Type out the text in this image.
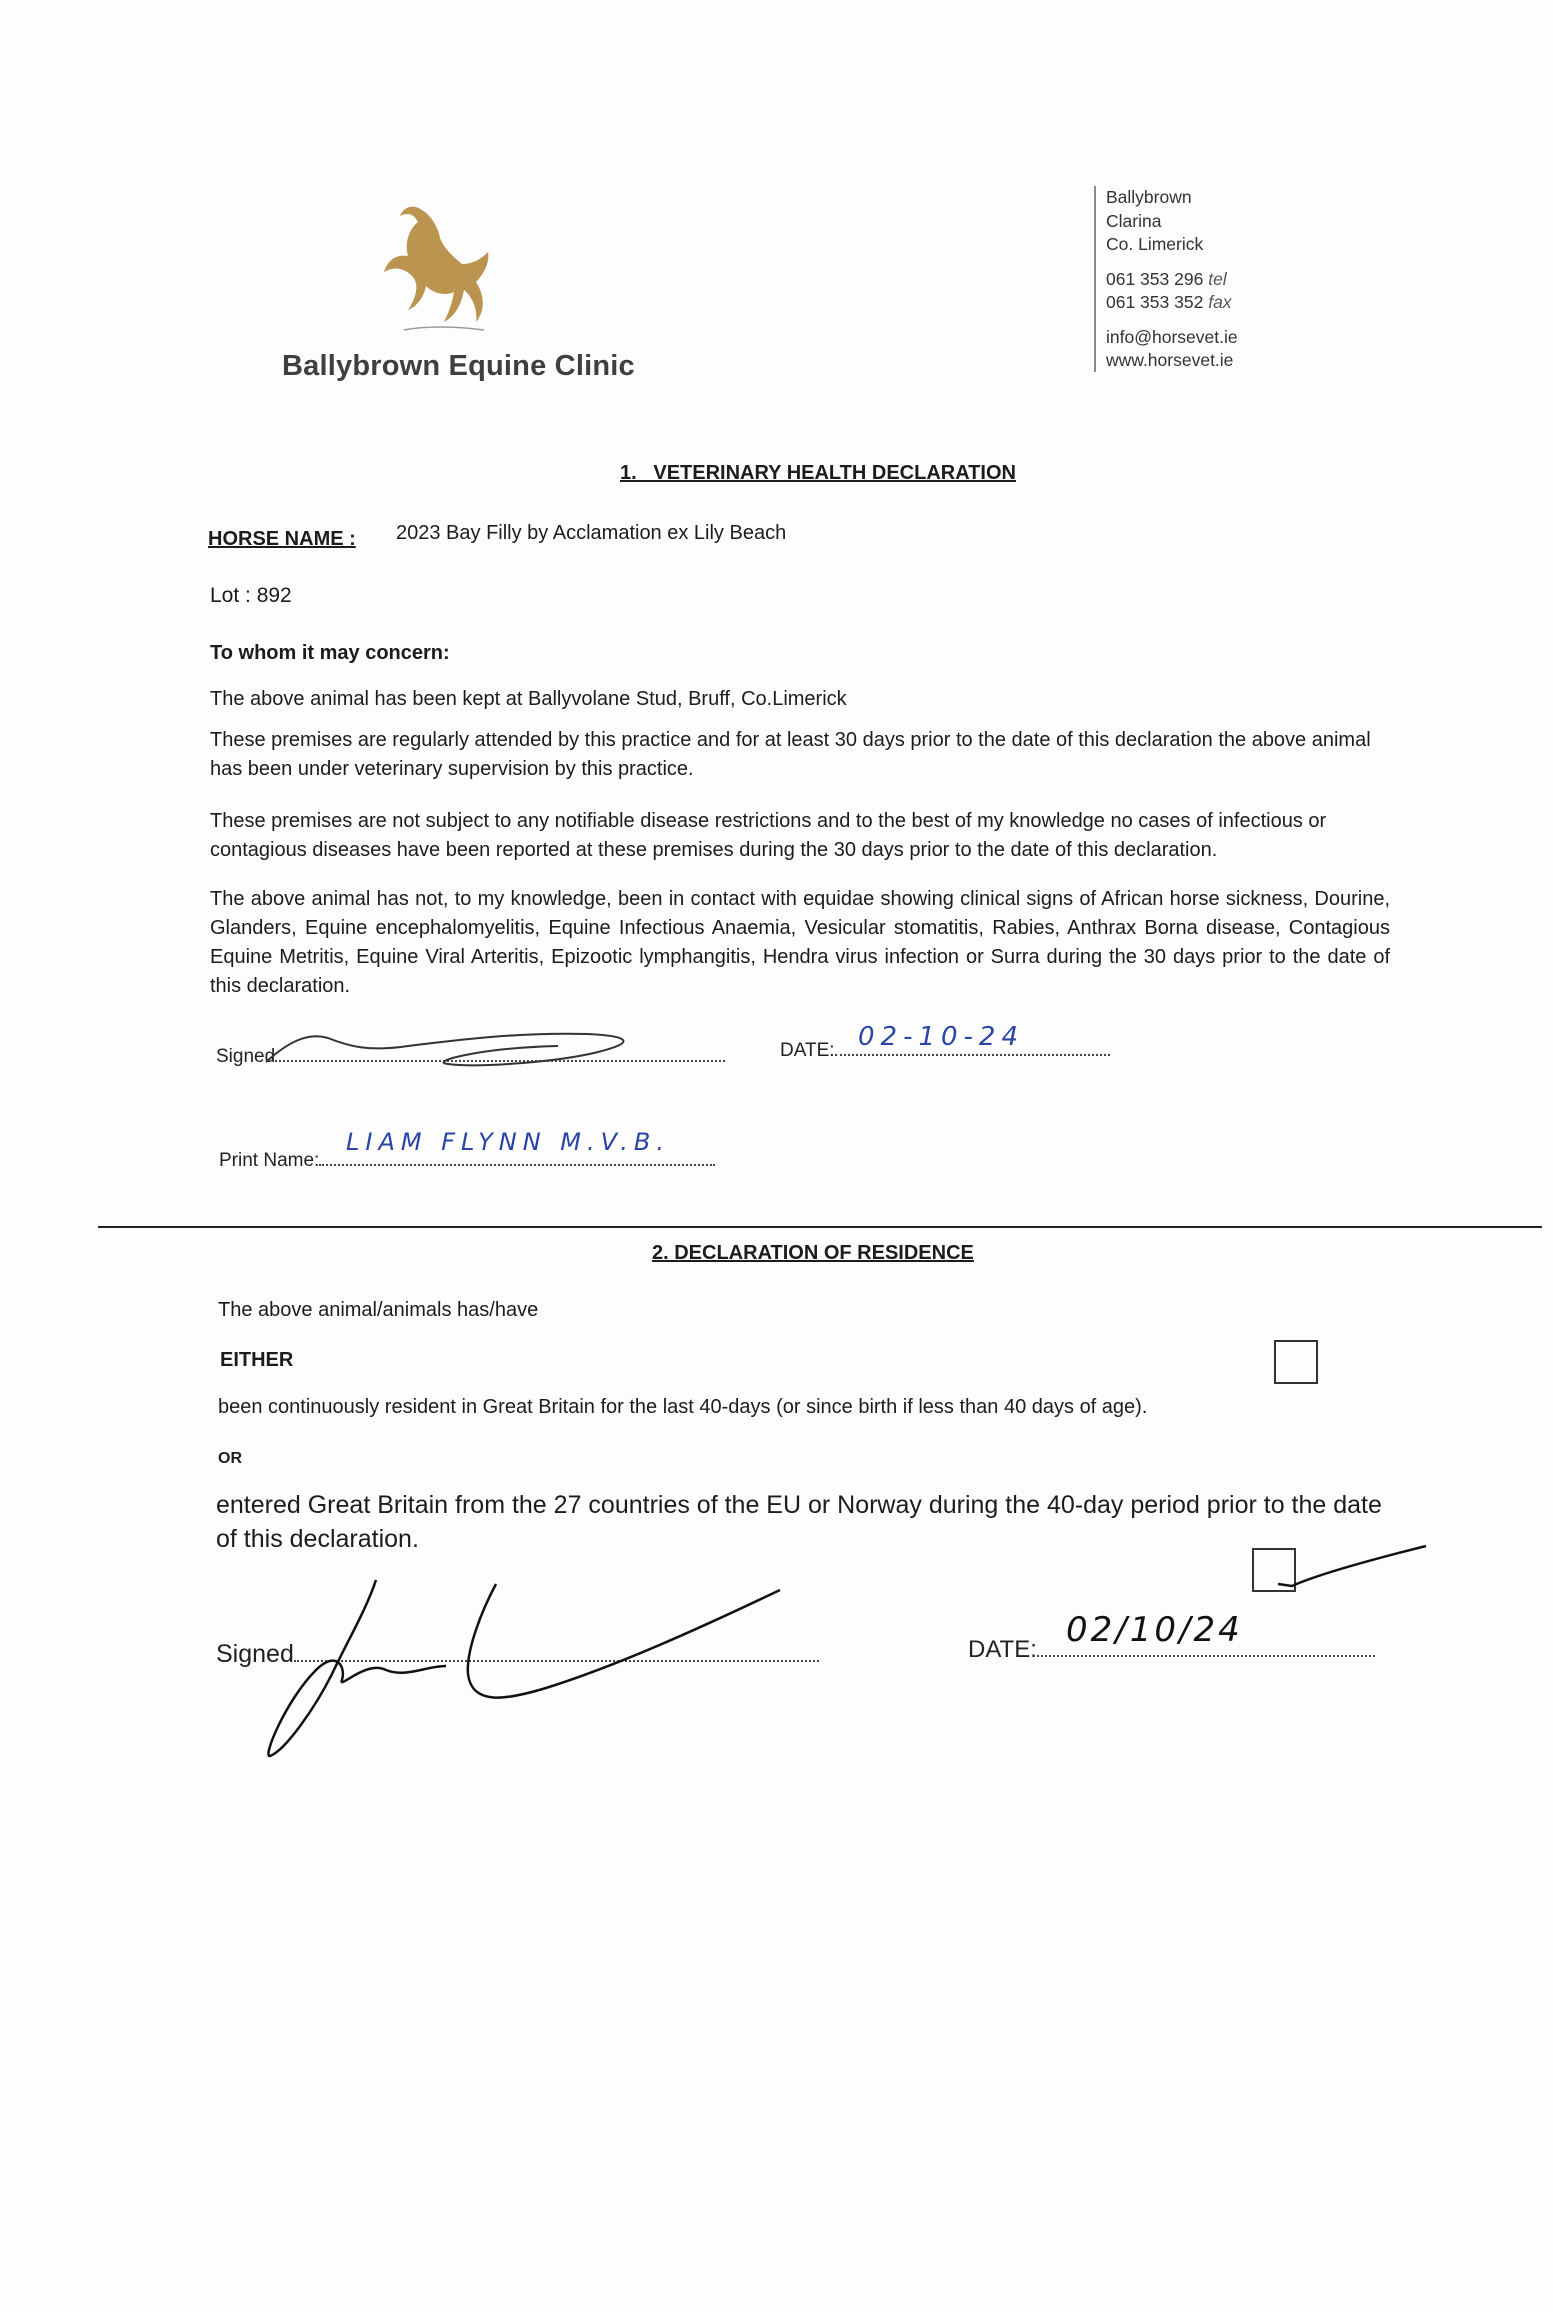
Ballybrown Equine Clinic
Ballybrown
Clarina
Co. Limerick
061 353 296 tel
061 353 352 fax
info@horsevet.ie
www.horsevet.ie
1.   VETERINARY HEALTH DECLARATION
HORSE NAME : 2023 Bay Filly by Acclamation ex Lily Beach
Lot : 892
To whom it may concern:
The above animal has been kept at Ballyvolane Stud, Bruff, Co.Limerick
These premises are regularly attended by this practice and for at least 30 days prior to the date of this declaration the above animal has been under veterinary supervision by this practice.
These premises are not subject to any notifiable disease restrictions and to the best of my knowledge no cases of infectious or contagious diseases have been reported at these premises during the 30 days prior to the date of this declaration.
The above animal has not, to my knowledge, been in contact with equidae showing clinical signs of African horse sickness, Dourine, Glanders, Equine encephalomyelitis, Equine Infectious Anaemia, Vesicular stomatitis, Rabies, Anthrax Borna disease, Contagious Equine Metritis, Equine Viral Arteritis, Epizootic lymphangitis, Hendra virus infection or Surra during the 30 days prior to the date of this declaration.
Signed	DATE: 02-10-24
Print Name:
LIAM FLYNN M.V.B.
2. DECLARATION OF RESIDENCE
The above animal/animals has/have
EITHER
been continuously resident in Great Britain for the last 40-days (or since birth if less than 40 days of age).
OR
entered Great Britain from the 27 countries of the EU or Norway during the 40-day period prior to the date of this declaration.
Signed	DATE: 02/10/24
